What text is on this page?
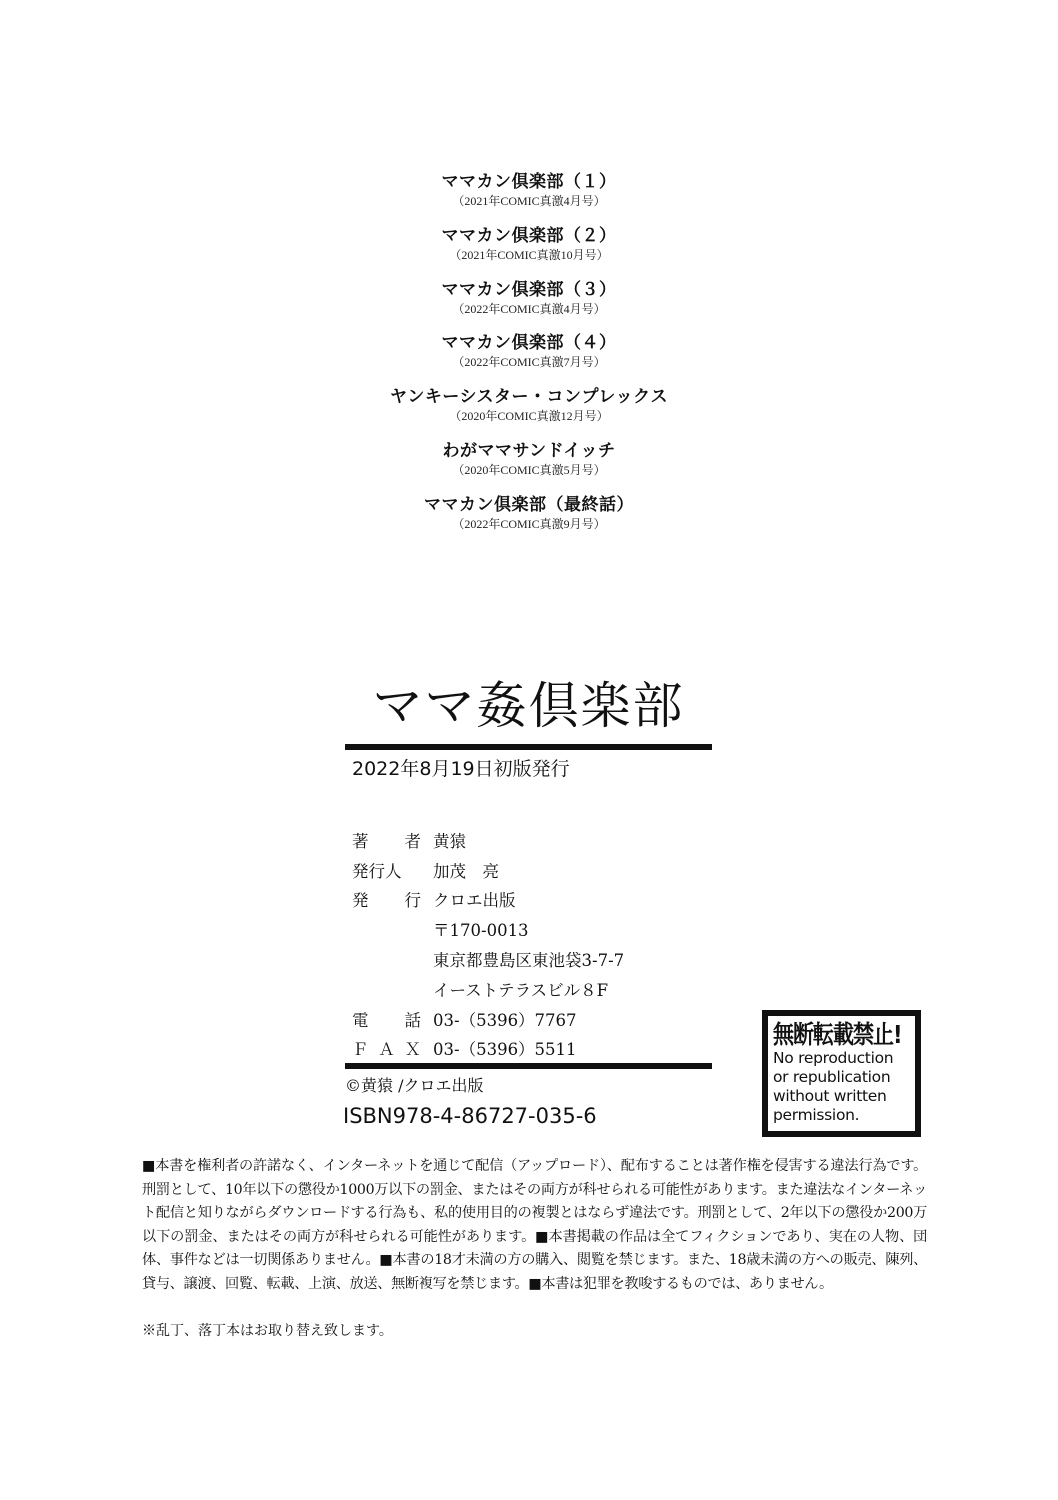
ママカン倶楽部（１）
（2021年COMIC真激4月号）
ママカン倶楽部（２）
（2021年COMIC真激10月号）
ママカン倶楽部（３）
（2022年COMIC真激4月号）
ママカン倶楽部（４）
（2022年COMIC真激7月号）
ヤンキーシスター・コンプレックス
（2020年COMIC真激12月号）
わがママサンドイッチ
（2020年COMIC真激5月号）
ママカン倶楽部（最終話）
（2022年COMIC真激9月号）
ママ姦倶楽部
2022年8月19日初版発行
著 者 黄猿
発行人 加茂　亮
発 行 クロエ出版
〒170-0013
東京都豊島区東池袋3-7-7
イーストテラスビル８F
電 話 03-（5396）7767
Ｆ Ａ Ｘ 03-（5396）5511
©黄猿 /クロエ出版
ISBN978-4-86727-035-6
無断転載禁止!
No reproduction
or republication
without written
permission.
■本書を権利者の許諾なく、インターネットを通じて配信（アップロード）、配布することは著作権を侵害する違法行為です。刑罰として、10年以下の懲役か1000万以下の罰金、またはその両方が科せられる可能性があります。また違法なインターネット配信と知りながらダウンロードする行為も、私的使用目的の複製とはならず違法です。刑罰として、2年以下の懲役か200万以下の罰金、またはその両方が科せられる可能性があります。■本書掲載の作品は全てフィクションであり、実在の人物、団体、事件などは一切関係ありません。■本書の18才未満の方の購入、閲覧を禁じます。また、18歳未満の方への販売、陳列、貸与、譲渡、回覧、転載、上演、放送、無断複写を禁じます。■本書は犯罪を教唆するものでは、ありません。
※乱丁、落丁本はお取り替え致します。
